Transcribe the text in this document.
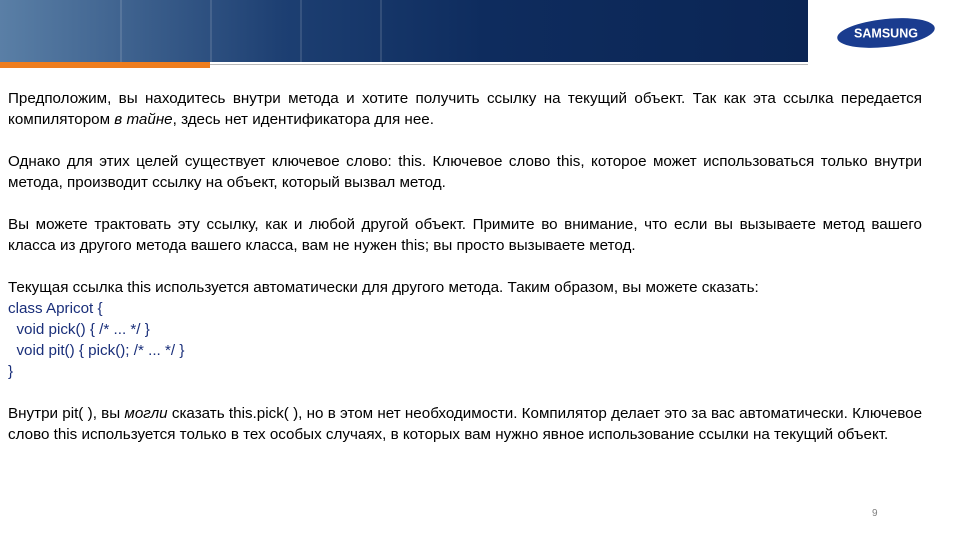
SAMSUNG

Предположим, вы находитесь внутри метода и хотите получить ссылку на текущий объект. Так как эта ссылка передается компилятором в тайне, здесь нет идентификатора для нее.

Однако для этих целей существует ключевое слово: this. Ключевое слово this, которое может использоваться только внутри метода, производит ссылку на объект, который вызвал метод.

Вы можете трактовать эту ссылку, как и любой другой объект. Примите во внимание, что если вы вызываете метод вашего класса из другого метода вашего класса, вам не нужен this; вы просто вызываете метод.

Текущая ссылка this используется автоматически для другого метода. Таким образом, вы можете сказать:

class Apricot {
void pick() { /* ... */ }
void pit() { pick(); /* ... */ }
}

Внутри pit( ), вы могли сказать this.pick( ), но в этом нет необходимости. Компилятор делает это за вас автоматически. Ключевое слово this используется только в тех особых случаях, в которых вам нужно явное использование ссылки на текущий объект.

9
